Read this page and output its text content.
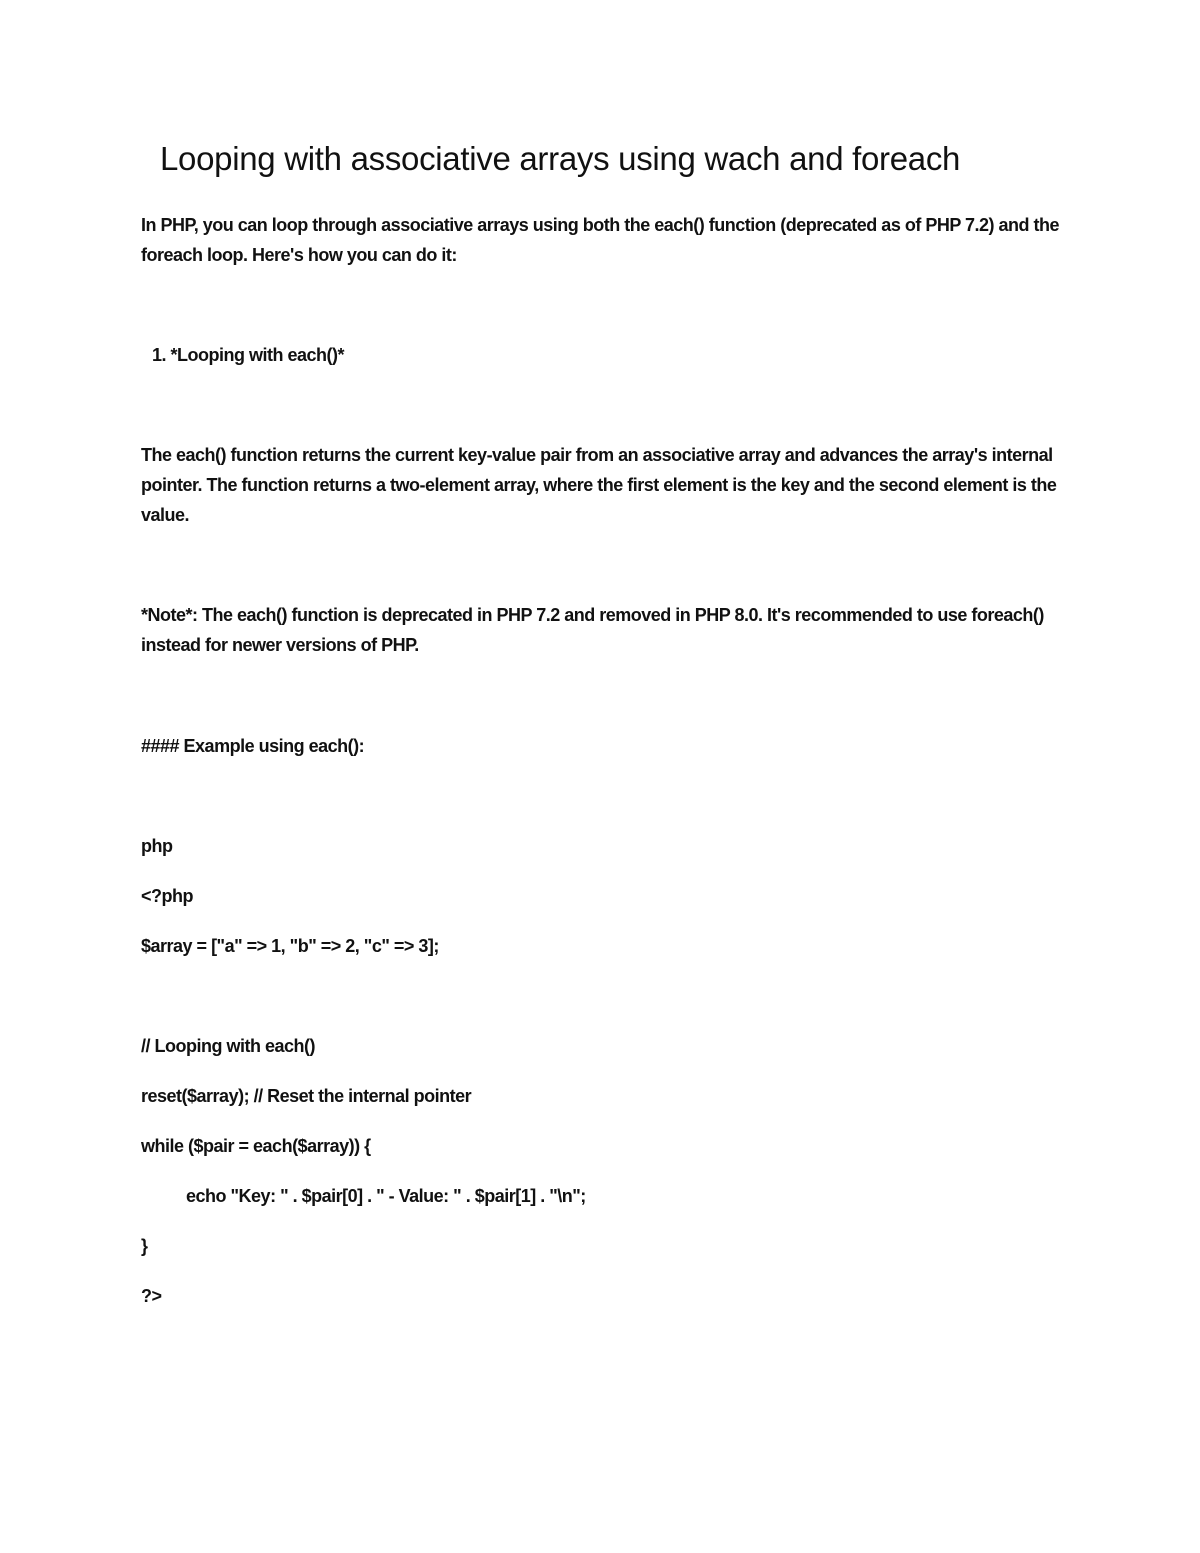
Looping with associative arrays using wach and foreach

In PHP, you can loop through associative arrays using both the each() function (deprecated as of PHP 7.2) and the foreach loop. Here's how you can do it:

1. *Looping with each()*

The each() function returns the current key-value pair from an associative array and advances the array's internal pointer. The function returns a two-element array, where the first element is the key and the second element is the value.

*Note*: The each() function is deprecated in PHP 7.2 and removed in PHP 8.0. It's recommended to use foreach() instead for newer versions of PHP.

#### Example using each():

php

<?php

$array = ["a" => 1, "b" => 2, "c" => 3];

// Looping with each()

reset($array); // Reset the internal pointer

while ($pair = each($array)) {

echo "Key: " . $pair[0] . " - Value: " . $pair[1] . "\n";

}

?>
